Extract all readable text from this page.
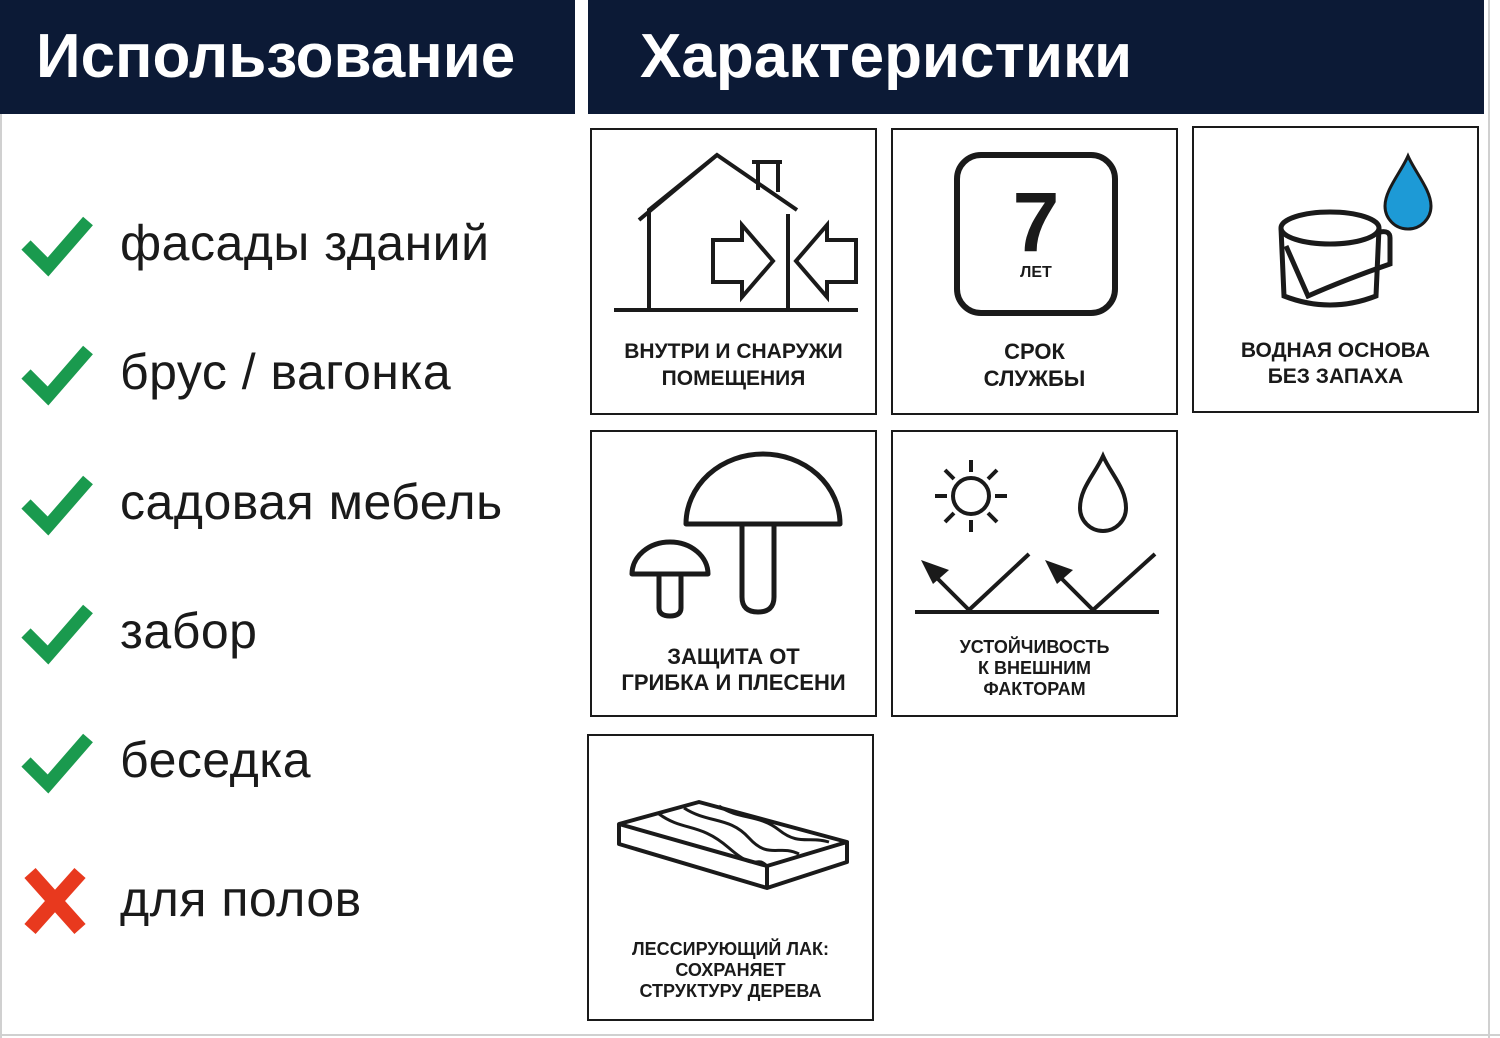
Использование	Характеристики
фасады зданий
брус / вагонка
садовая мебель
забор
беседка
для полов
ВНУТРИ И СНАРУЖИ
ПОМЕЩЕНИЯ
7
ЛЕТ
СРОК
СЛУЖБЫ
ВОДНАЯ ОСНОВА
БЕЗ ЗАПАХА
ЗАЩИТА ОТ
ГРИБКА И ПЛЕСЕНИ
УСТОЙЧИВОСТЬ
К ВНЕШНИМ
ФАКТОРАМ
ЛЕССИРУЮЩИЙ ЛАК:
СОХРАНЯЕТ
СТРУКТУРУ ДЕРЕВА
